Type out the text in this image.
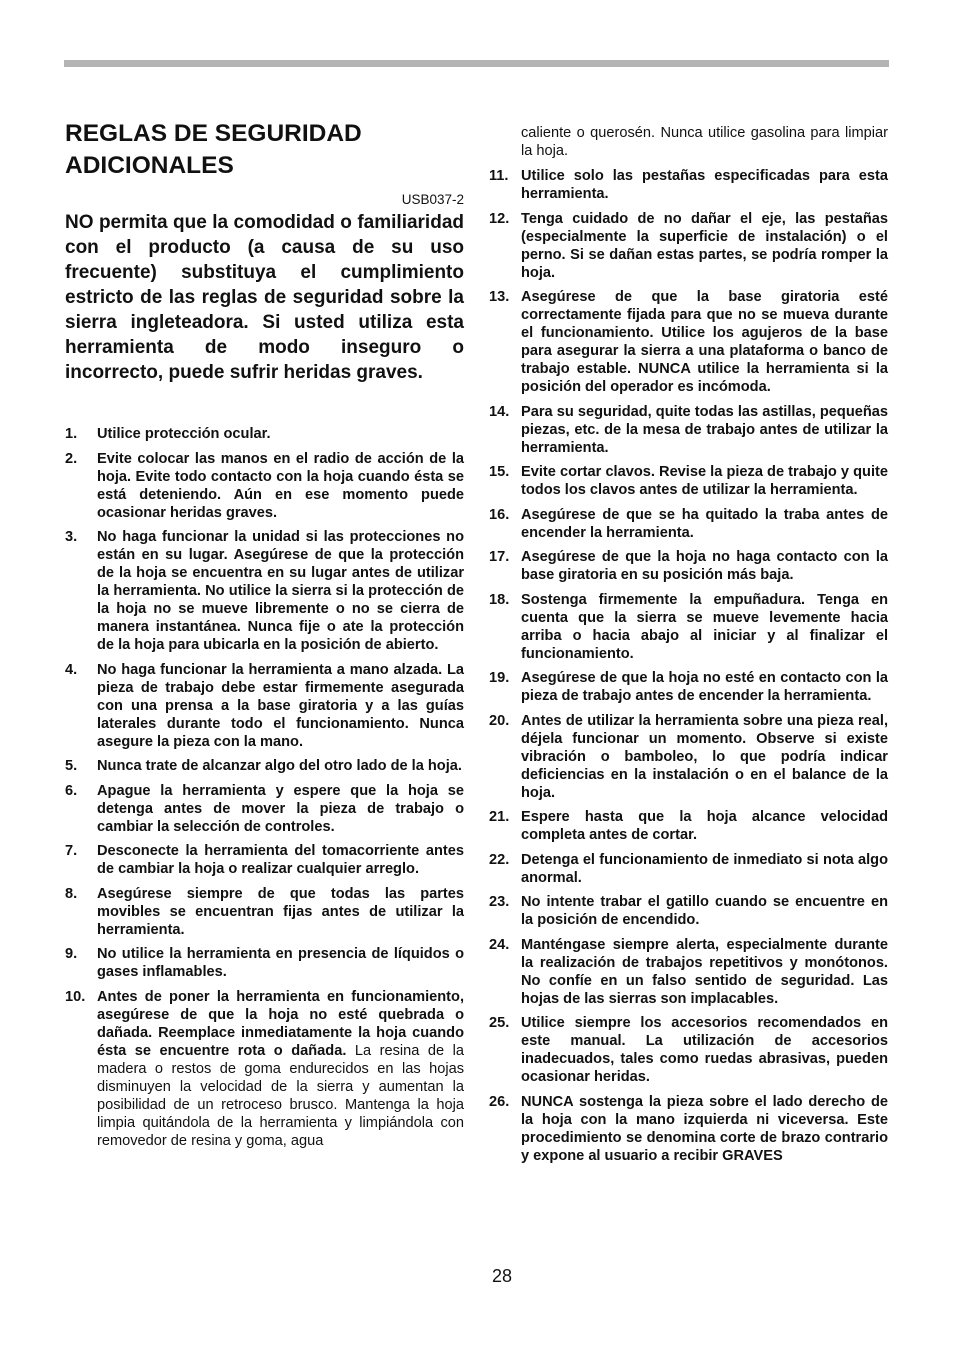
REGLAS DE SEGURIDAD ADICIONALES
USB037-2

NO permita que la comodidad o familiaridad con el producto (a causa de su uso frecuente) substituya el cumplimiento estricto de las reglas de seguridad sobre la sierra ingleteadora. Si usted utiliza esta herramienta de modo inseguro o incorrecto, puede sufrir heridas graves.

1. Utilice protección ocular.
2. Evite colocar las manos en el radio de acción de la hoja. Evite todo contacto con la hoja cuando ésta se está deteniendo. Aún en ese momento puede ocasionar heridas graves.
3. No haga funcionar la unidad si las protecciones no están en su lugar. Asegúrese de que la protección de la hoja se encuentra en su lugar antes de utilizar la herramienta. No utilice la sierra si la protección de la hoja no se mueve libremente o no se cierra de manera instantánea. Nunca fije o ate la protección de la hoja para ubicarla en la posición de abierto.
4. No haga funcionar la herramienta a mano alzada. La pieza de trabajo debe estar firmemente asegurada con una prensa a la base giratoria y a las guías laterales durante todo el funcionamiento. Nunca asegure la pieza con la mano.
5. Nunca trate de alcanzar algo del otro lado de la hoja.
6. Apague la herramienta y espere que la hoja se detenga antes de mover la pieza de trabajo o cambiar la selección de controles.
7. Desconecte la herramienta del tomacorriente antes de cambiar la hoja o realizar cualquier arreglo.
8. Asegúrese siempre de que todas las partes movibles se encuentran fijas antes de utilizar la herramienta.
9. No utilice la herramienta en presencia de líquidos o gases inflamables.
10. Antes de poner la herramienta en funcionamiento, asegúrese de que la hoja no esté quebrada o dañada. Reemplace inmediatamente la hoja cuando ésta se encuentre rota o dañada. La resina de la madera o restos de goma endurecidos en las hojas disminuyen la velocidad de la sierra y aumentan la posibilidad de un retroceso brusco. Mantenga la hoja limpia quitándola de la herramienta y limpiándola con removedor de resina y goma, agua
caliente o querosén. Nunca utilice gasolina para limpiar la hoja.
11. Utilice solo las pestañas especificadas para esta herramienta.
12. Tenga cuidado de no dañar el eje, las pestañas (especialmente la superficie de instalación) o el perno. Si se dañan estas partes, se podría romper la hoja.
13. Asegúrese de que la base giratoria esté correctamente fijada para que no se mueva durante el funcionamiento. Utilice los agujeros de la base para asegurar la sierra a una plataforma o banco de trabajo estable. NUNCA utilice la herramienta si la posición del operador es incómoda.
14. Para su seguridad, quite todas las astillas, pequeñas piezas, etc. de la mesa de trabajo antes de utilizar la herramienta.
15. Evite cortar clavos. Revise la pieza de trabajo y quite todos los clavos antes de utilizar la herramienta.
16. Asegúrese de que se ha quitado la traba antes de encender la herramienta.
17. Asegúrese de que la hoja no haga contacto con la base giratoria en su posición más baja.
18. Sostenga firmemente la empuñadura. Tenga en cuenta que la sierra se mueve levemente hacia arriba o hacia abajo al iniciar y al finalizar el funcionamiento.
19. Asegúrese de que la hoja no esté en contacto con la pieza de trabajo antes de encender la herramienta.
20. Antes de utilizar la herramienta sobre una pieza real, déjela funcionar un momento. Observe si existe vibración o bamboleo, lo que podría indicar deficiencias en la instalación o en el balance de la hoja.
21. Espere hasta que la hoja alcance velocidad completa antes de cortar.
22. Detenga el funcionamiento de inmediato si nota algo anormal.
23. No intente trabar el gatillo cuando se encuentre en la posición de encendido.
24. Manténgase siempre alerta, especialmente durante la realización de trabajos repetitivos y monótonos. No confíe en un falso sentido de seguridad. Las hojas de las sierras son implacables.
25. Utilice siempre los accesorios recomendados en este manual. La utilización de accesorios inadecuados, tales como ruedas abrasivas, pueden ocasionar heridas.
26. NUNCA sostenga la pieza sobre el lado derecho de la hoja con la mano izquierda ni viceversa. Este procedimiento se denomina corte de brazo contrario y expone al usuario a recibir GRAVES
28
